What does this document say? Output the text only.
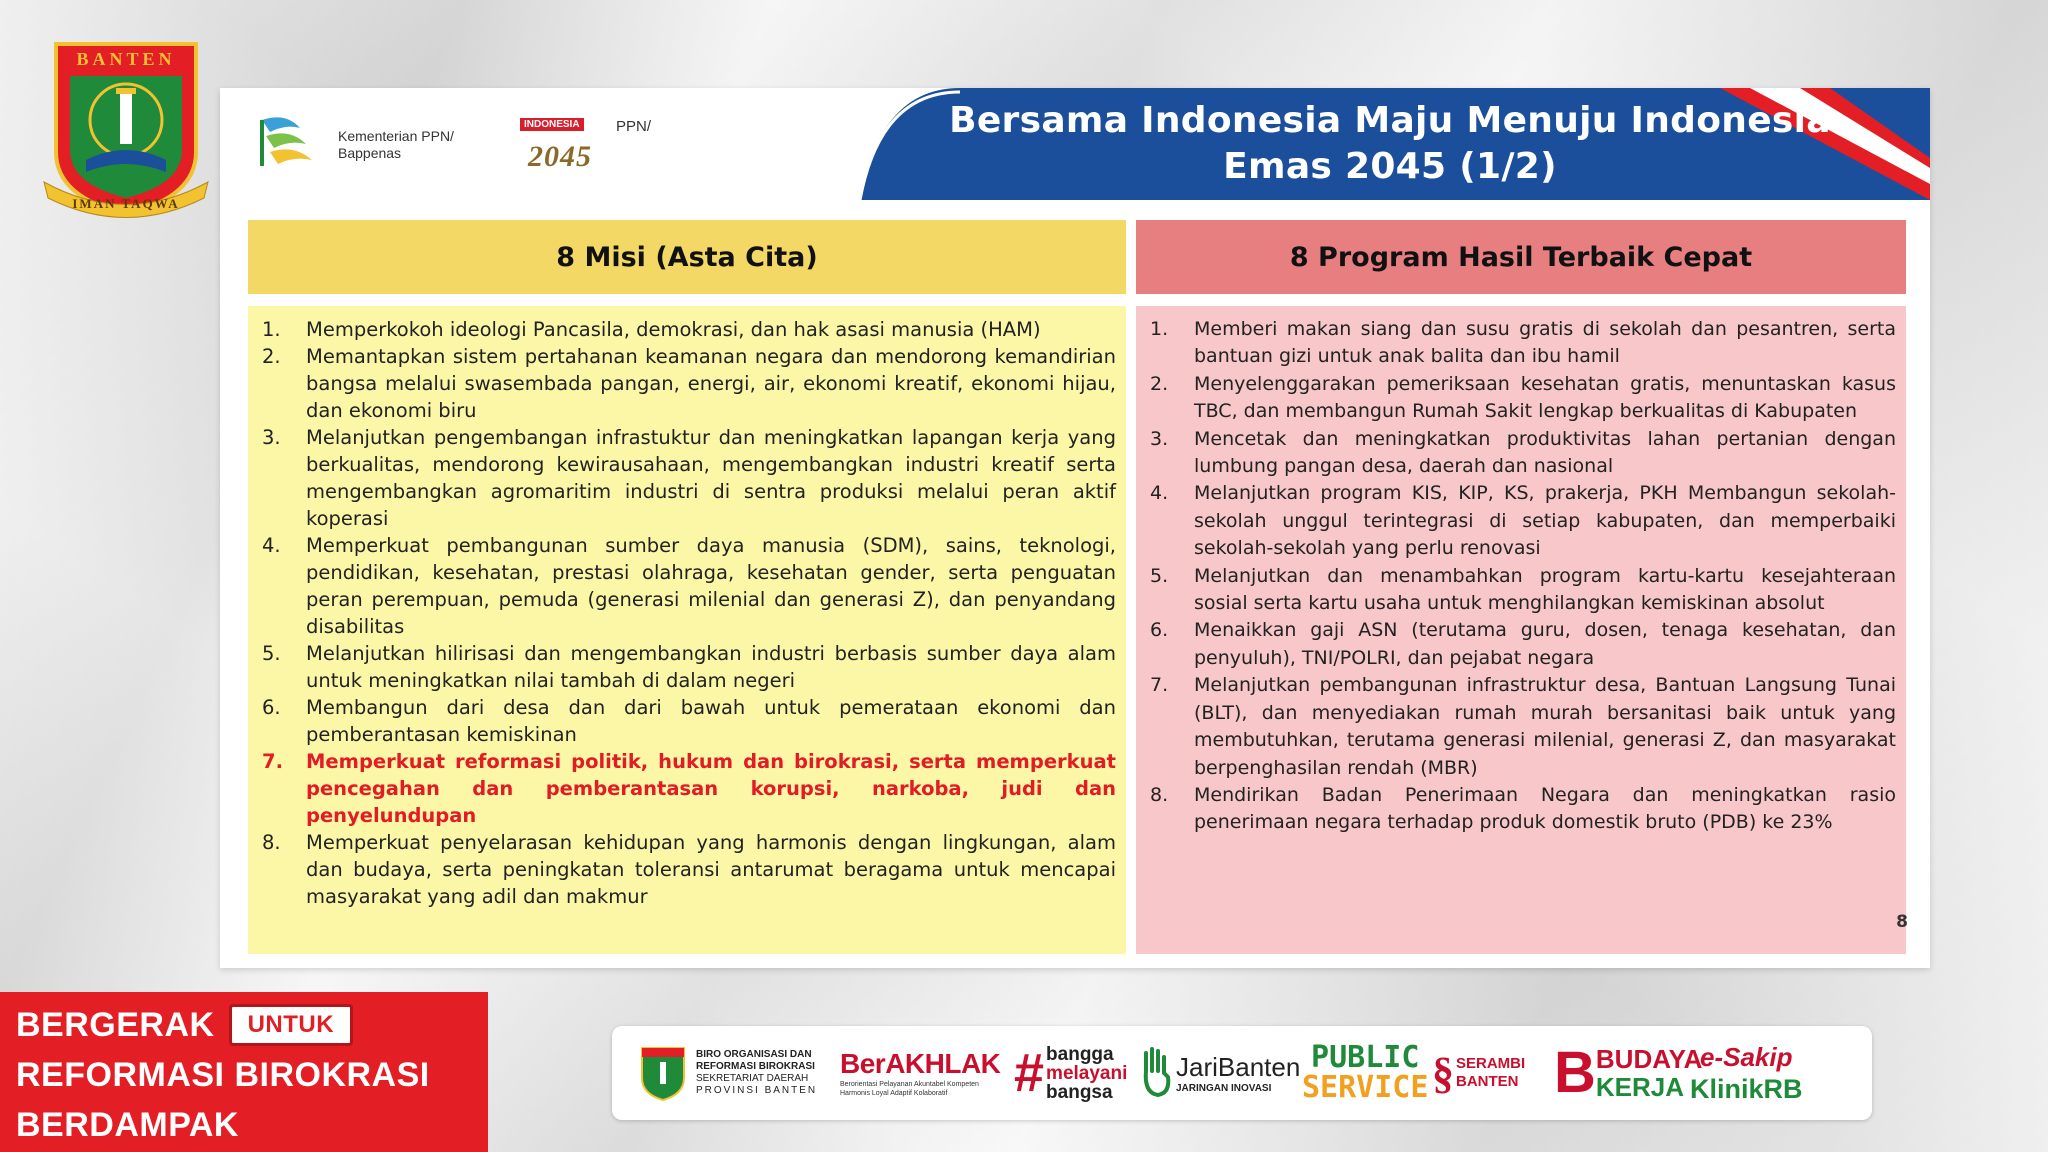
BANTEN
IMAN TAQWA
Kementerian PPN/
Bappenas
INDONESIA PPN/
2045
Bersama Indonesia Maju Menuju Indonesia
Emas 2045 (1/2)
8 Misi (Asta Cita)	8 Program Hasil Terbaik Cepat
1.	Memperkokoh ideologi Pancasila, demokrasi, dan hak asasi manusia (HAM)
2.	Memantapkan sistem pertahanan keamanan negara dan mendorong kemandirian bangsa melalui swasembada pangan, energi, air, ekonomi kreatif, ekonomi hijau, dan ekonomi biru
3.	Melanjutkan pengembangan infrastuktur dan meningkatkan lapangan kerja yang berkualitas, mendorong kewirausahaan, mengembangkan industri kreatif serta mengembangkan agromaritim industri di sentra produksi melalui peran aktif koperasi
4.	Memperkuat pembangunan sumber daya manusia (SDM), sains, teknologi, pendidikan, kesehatan, prestasi olahraga, kesehatan gender, serta penguatan peran perempuan, pemuda (generasi milenial dan generasi Z), dan penyandang disabilitas
5.	Melanjutkan hilirisasi dan mengembangkan industri berbasis sumber daya alam untuk meningkatkan nilai tambah di dalam negeri
6.	Membangun dari desa dan dari bawah untuk pemerataan ekonomi dan pemberantasan kemiskinan
7.	Memperkuat reformasi politik, hukum dan birokrasi, serta memperkuat pencegahan dan pemberantasan korupsi, narkoba, judi dan penyelundupan
8.	Memperkuat penyelarasan kehidupan yang harmonis dengan lingkungan, alam dan budaya, serta peningkatan toleransi antarumat beragama untuk mencapai masyarakat yang adil dan makmur
1.	Memberi makan siang dan susu gratis di sekolah dan pesantren, serta bantuan gizi untuk anak balita dan ibu hamil
2.	Menyelenggarakan pemeriksaan kesehatan gratis, menuntaskan kasus TBC, dan membangun Rumah Sakit lengkap berkualitas di Kabupaten
3.	Mencetak dan meningkatkan produktivitas lahan pertanian dengan lumbung pangan desa, daerah dan nasional
4.	Melanjutkan program KIS, KIP, KS, prakerja, PKH Membangun sekolah-sekolah unggul terintegrasi di setiap kabupaten, dan memperbaiki sekolah-sekolah yang perlu renovasi
5.	Melanjutkan dan menambahkan program kartu-kartu kesejahteraan sosial serta kartu usaha untuk menghilangkan kemiskinan absolut
6.	Menaikkan gaji ASN (terutama guru, dosen, tenaga kesehatan, dan penyuluh), TNI/POLRI, dan pejabat negara
7.	Melanjutkan pembangunan infrastruktur desa, Bantuan Langsung Tunai (BLT), dan menyediakan rumah murah bersanitasi baik untuk yang membutuhkan, terutama generasi milenial, generasi Z, dan masyarakat berpenghasilan rendah (MBR)
8.	Mendirikan Badan Penerimaan Negara dan meningkatkan rasio penerimaan negara terhadap produk domestik bruto (PDB) ke 23%
8
BERGERAK	UNTUK
REFORMASI BIROKRASI
BERDAMPAK
BIRO ORGANISASI DAN
REFORMASI BIROKRASI
SEKRETARIAT DAERAH
PROVINSI BANTEN
BerAKHLAK
Berorientasi Pelayanan Akuntabel Kompeten
Harmonis Loyal Adaptif Kolaboratif # bangga
melayani
bangsa
JariBanten
JARINGAN INOVASI
PUBLIC
SERVICE § SERAMBI
BANTEN B BUDAYA
KERJA
e-Sakip
KlinikRB
